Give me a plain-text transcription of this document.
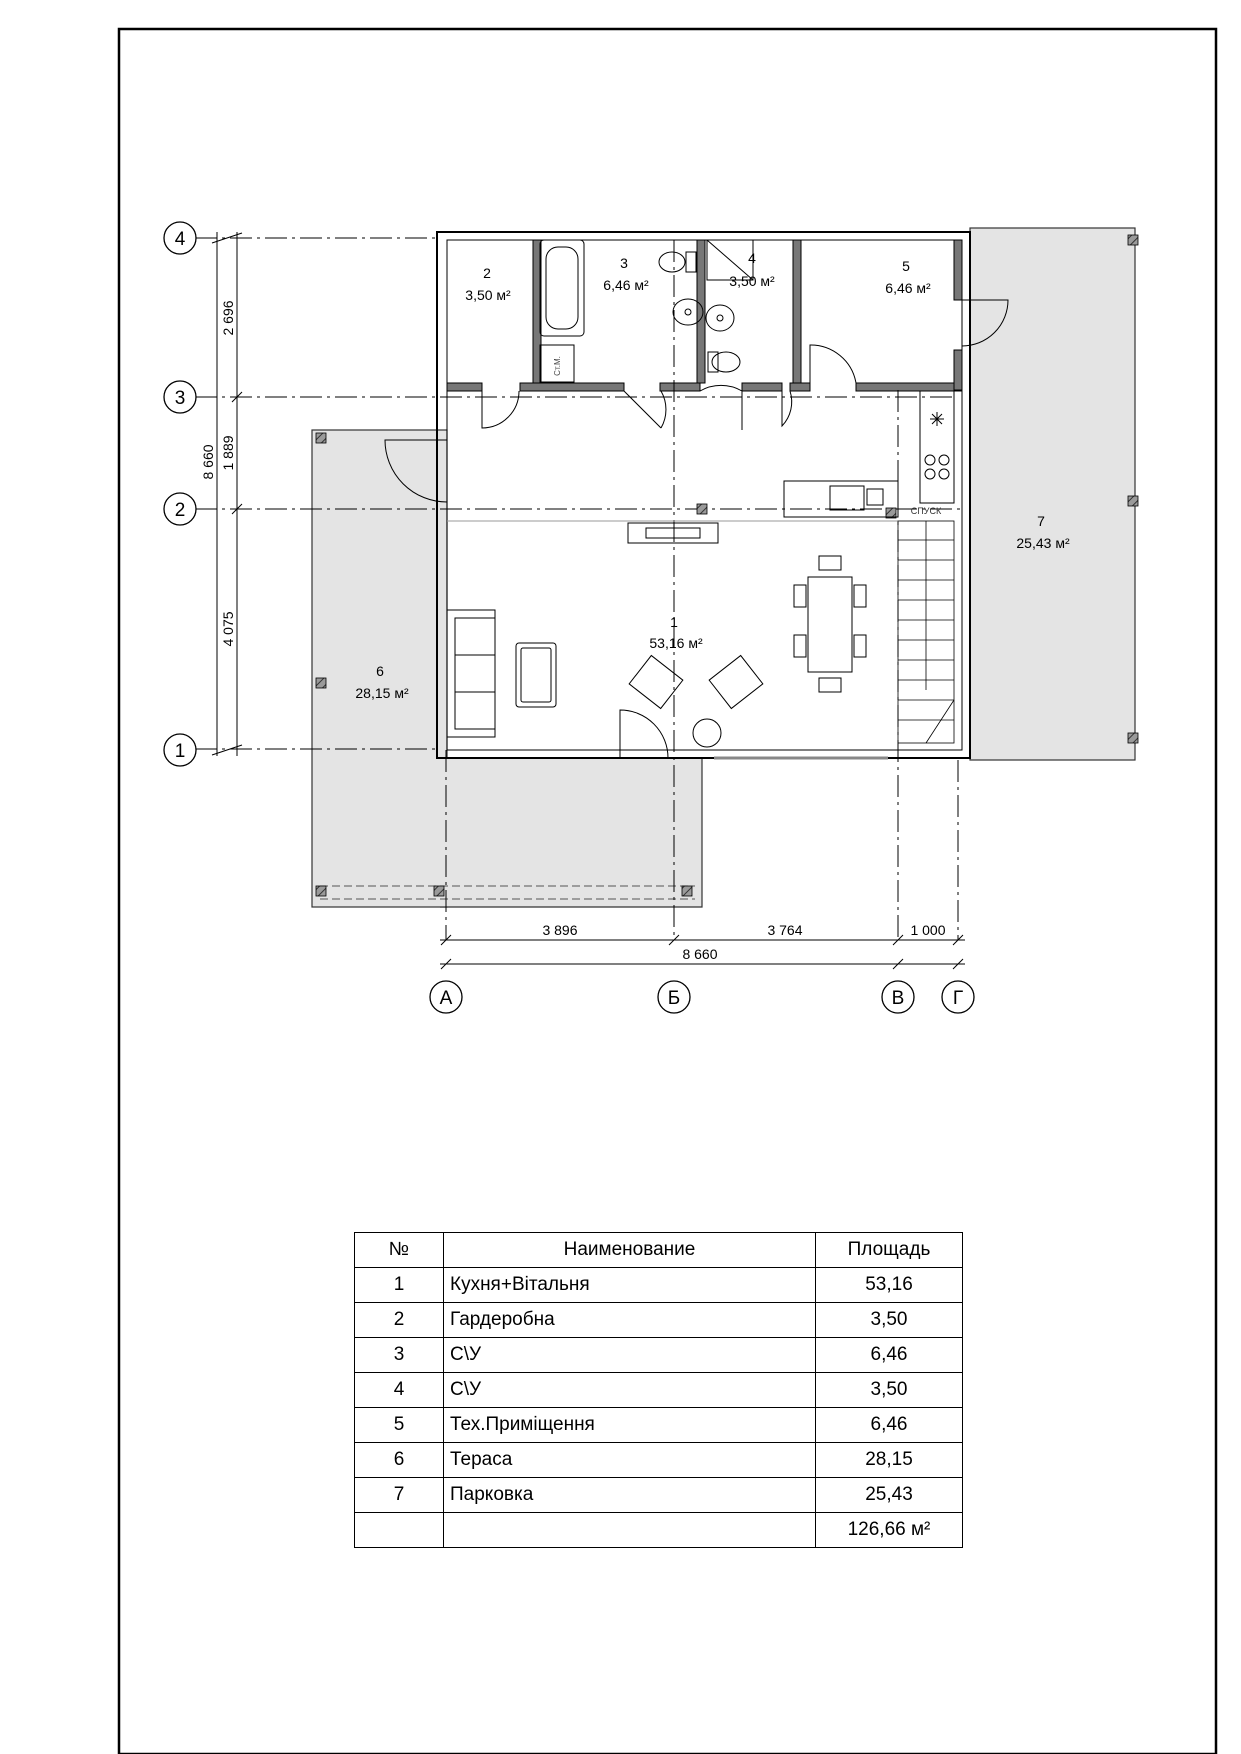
4
3
2
1
А	Б	В	Г
2 696
1 889
4 075
8 660
3 896	3 764	1 000
8 660
СПУСК
Ст.М.
1
53,16 м²
2
3,50 м²
3
6,46 м²
4
3,50 м²
5
6,46 м²
6
28,15 м²
7
25,43 м²
№	Наименование	Площадь
1	Кухня+Вітальня	53,16
2	Гардеробна	3,50
3	С\У	6,46
4	С\У	3,50
5	Тех.Приміщення	6,46
6	Тераса	28,15
7	Парковка	25,43
		126,66 м²
